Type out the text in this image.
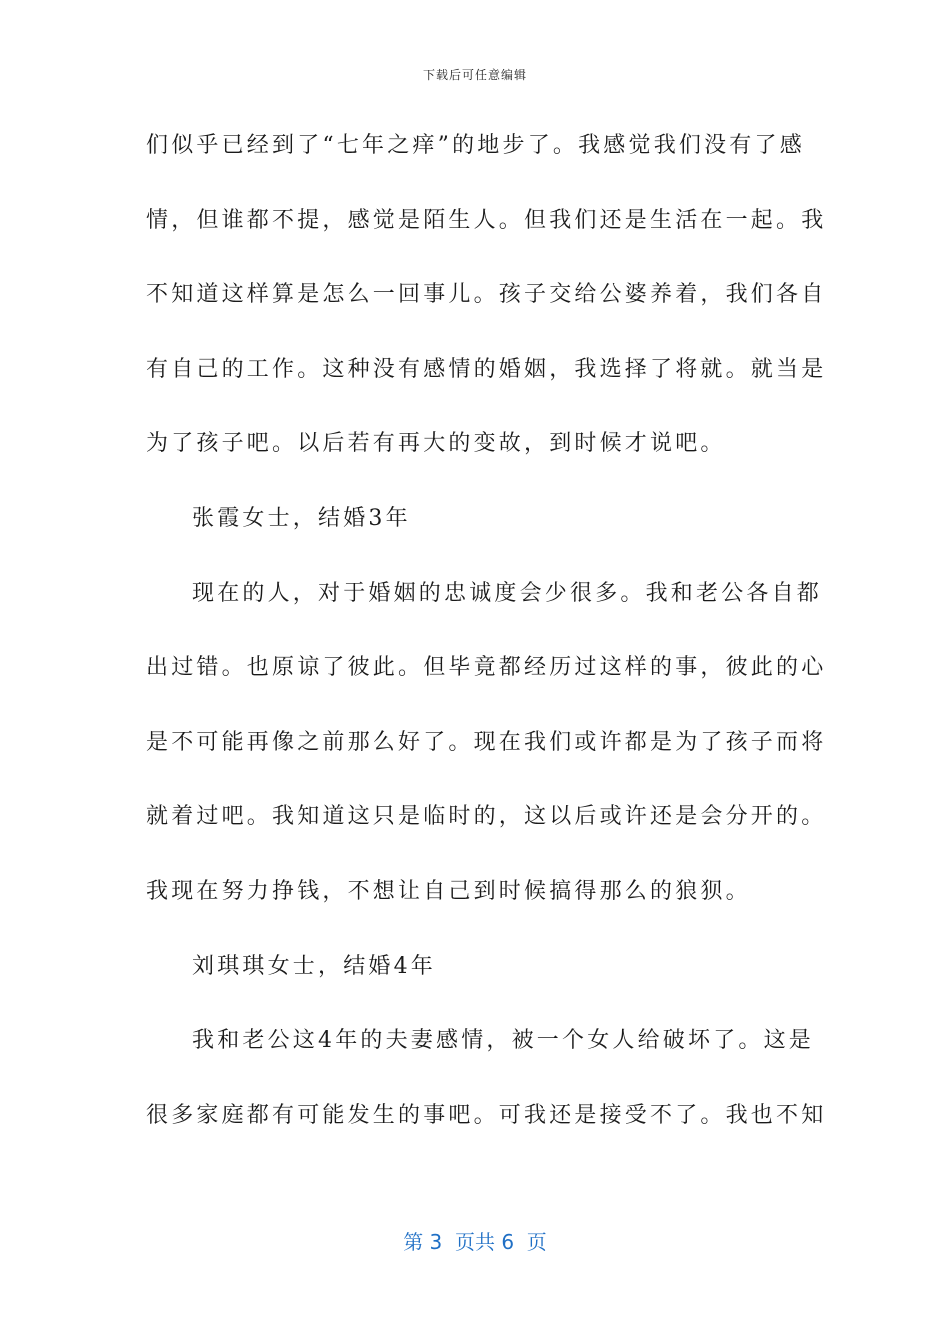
下载后可任意编辑
们似乎已经到了“七年之痒”的地步了。我感觉我们没有了感
情，但谁都不提，感觉是陌生人。但我们还是生活在一起。我
不知道这样算是怎么一回事儿。孩子交给公婆养着，我们各自
有自己的工作。这种没有感情的婚姻，我选择了将就。就当是
为了孩子吧。以后若有再大的变故，到时候才说吧。
张霞女士，结婚3年
现在的人，对于婚姻的忠诚度会少很多。我和老公各自都
出过错。也原谅了彼此。但毕竟都经历过这样的事，彼此的心
是不可能再像之前那么好了。现在我们或许都是为了孩子而将
就着过吧。我知道这只是临时的，这以后或许还是会分开的。
我现在努力挣钱，不想让自己到时候搞得那么的狼狈。
刘琪琪女士，结婚4年
我和老公这4年的夫妻感情，被一个女人给破坏了。这是
很多家庭都有可能发生的事吧。可我还是接受不了。我也不知
第 3  页共 6  页
